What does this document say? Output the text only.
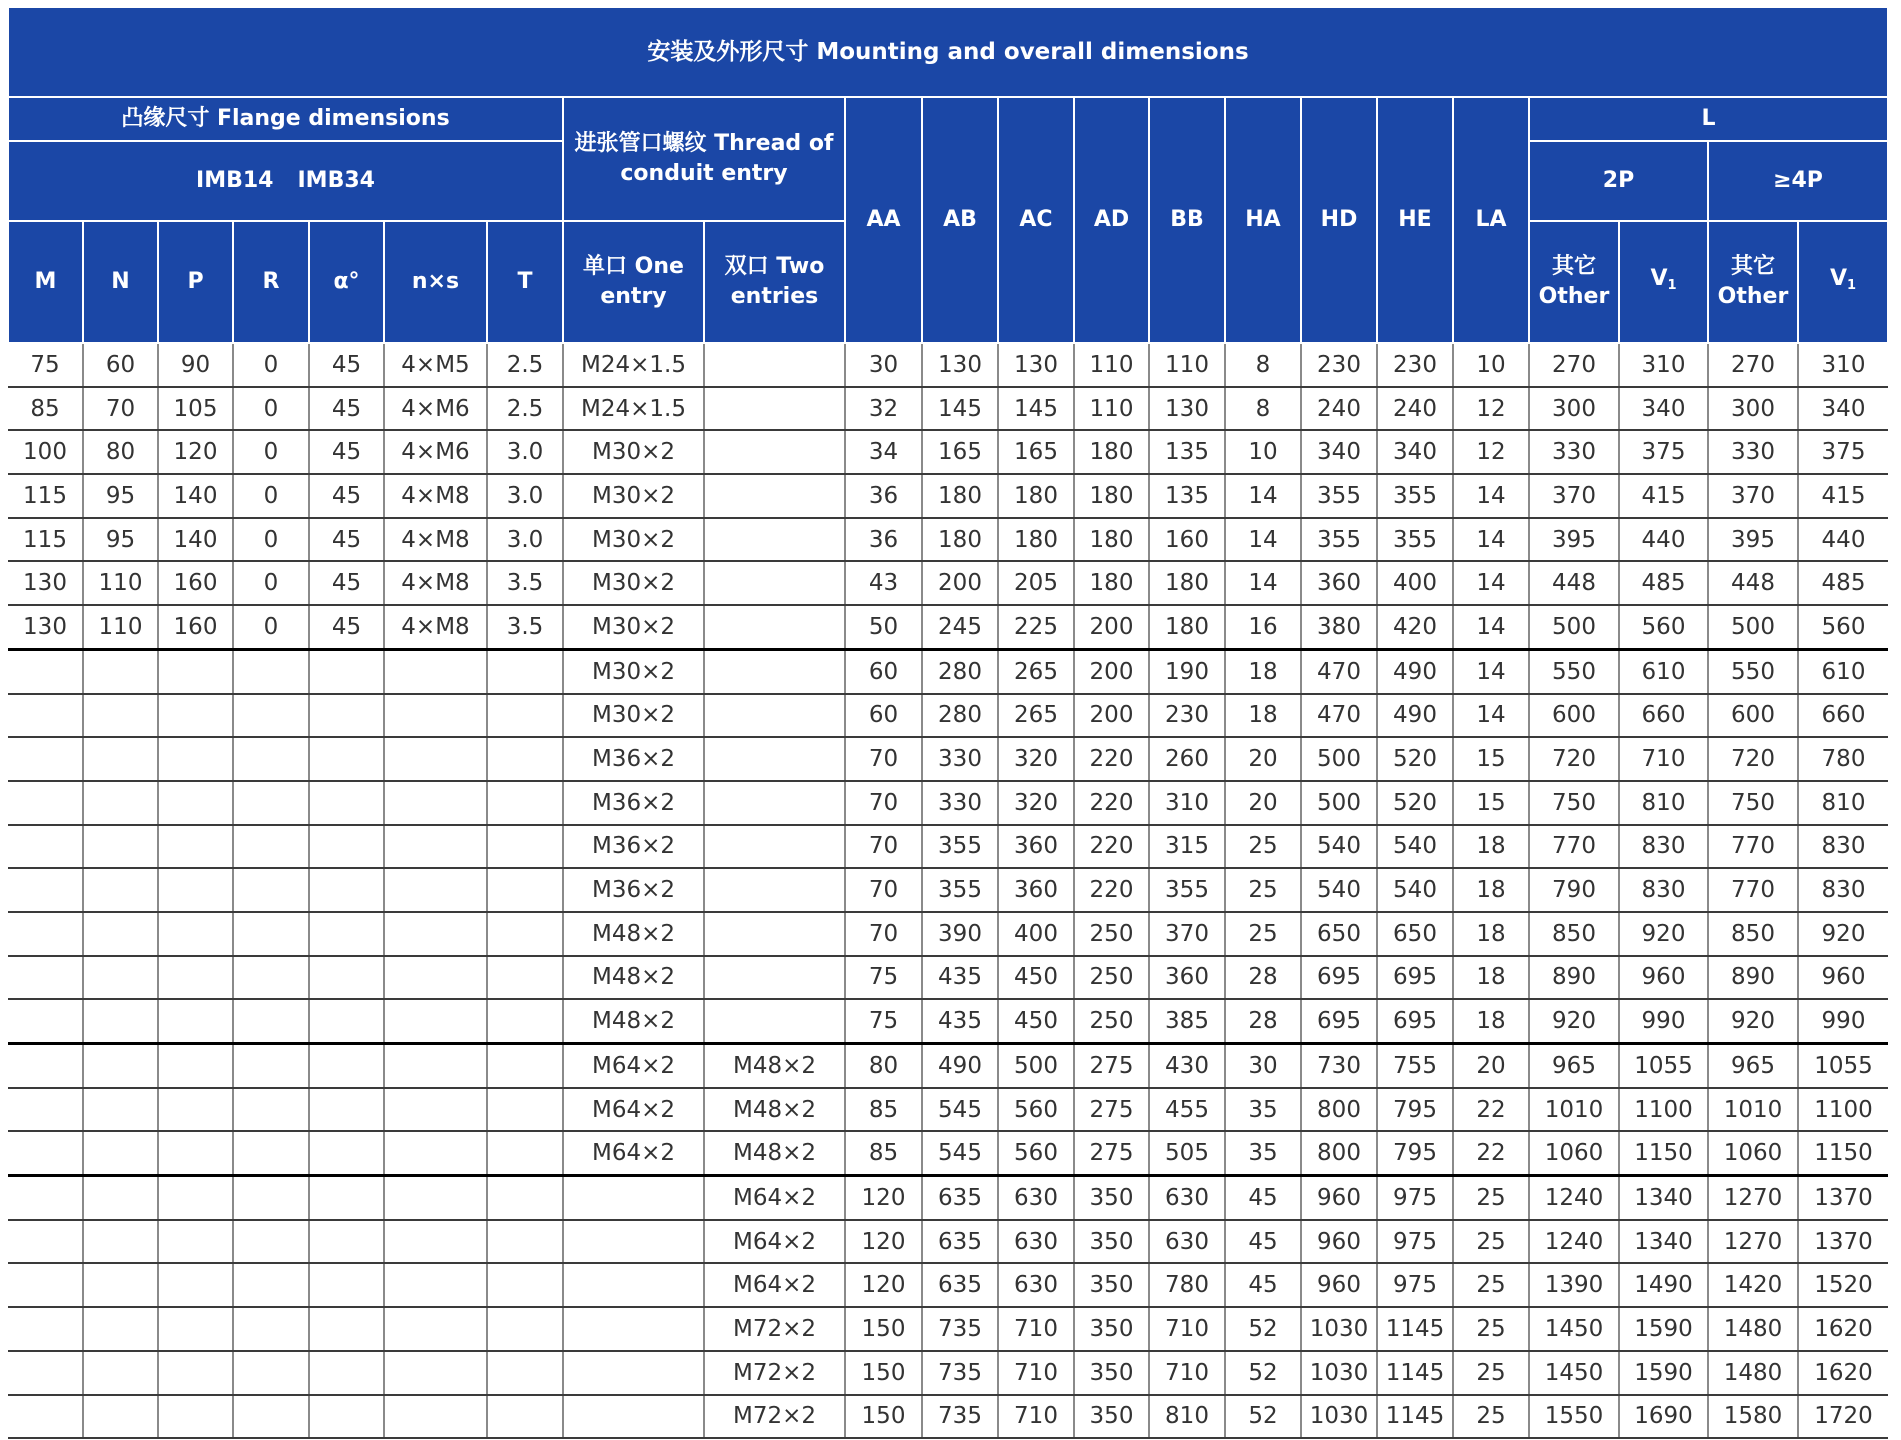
安装及外形尺寸 Mounting and overall dimensions																					
凸缘尺寸 Flange dimensions							进张管口螺纹 Thread of conduit entry		AA	AB	AC	AD	BB	HA	HD	HE	LA	L			
IMB14 IMB34																		2P		≥4P	
M	N	P	R	α°	n×s	T	单口 One entry	双口 Two entries										其它 Other	$V_1$	其它 Other	$V_1$
75	60	90	0	45	4×M5	2.5	M24×1.5		30	130	130	110	110	8	230	230	10	270	310	270	310
85	70	105	0	45	4×M6	2.5	M24×1.5		32	145	145	110	130	8	240	240	12	300	340	300	340
100	80	120	0	45	4×M6	3.0	M30×2		34	165	165	180	135	10	340	340	12	330	375	330	375
115	95	140	0	45	4×M8	3.0	M30×2		36	180	180	180	135	14	355	355	14	370	415	370	415
115	95	140	0	45	4×M8	3.0	M30×2		36	180	180	180	160	14	355	355	14	395	440	395	440
130	110	160	0	45	4×M8	3.5	M30×2		43	200	205	180	180	14	360	400	14	448	485	448	485
130	110	160	0	45	4×M8	3.5	M30×2		50	245	225	200	180	16	380	420	14	500	560	500	560
							M30×2		60	280	265	200	190	18	470	490	14	550	610	550	610
							M30×2		60	280	265	200	230	18	470	490	14	600	660	600	660
							M36×2		70	330	320	220	260	20	500	520	15	720	710	720	780
							M36×2		70	330	320	220	310	20	500	520	15	750	810	750	810
							M36×2		70	355	360	220	315	25	540	540	18	770	830	770	830
							M36×2		70	355	360	220	355	25	540	540	18	790	830	770	830
							M48×2		70	390	400	250	370	25	650	650	18	850	920	850	920
							M48×2		75	435	450	250	360	28	695	695	18	890	960	890	960
							M48×2		75	435	450	250	385	28	695	695	18	920	990	920	990
							M64×2	M48×2	80	490	500	275	430	30	730	755	20	965	1055	965	1055
							M64×2	M48×2	85	545	560	275	455	35	800	795	22	1010	1100	1010	1100
							M64×2	M48×2	85	545	560	275	505	35	800	795	22	1060	1150	1060	1150
								M64×2	120	635	630	350	630	45	960	975	25	1240	1340	1270	1370
								M64×2	120	635	630	350	630	45	960	975	25	1240	1340	1270	1370
								M64×2	120	635	630	350	780	45	960	975	25	1390	1490	1420	1520
								M72×2	150	735	710	350	710	52	1030	1145	25	1450	1590	1480	1620
								M72×2	150	735	710	350	710	52	1030	1145	25	1450	1590	1480	1620
								M72×2	150	735	710	350	810	52	1030	1145	25	1550	1690	1580	1720
